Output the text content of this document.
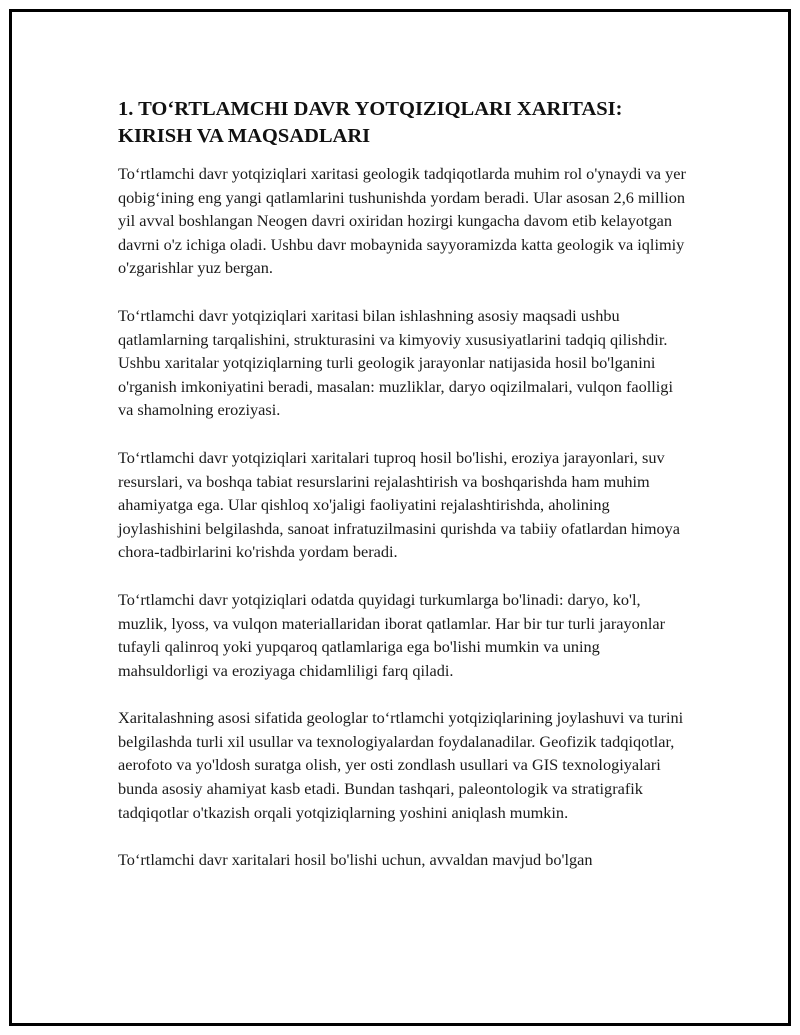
1. TO‘RTLAMCHI DAVR YOTQIZIQLARI XARITASI: KIRISH VA MAQSADLARI

To‘rtlamchi davr yotqiziqlari xaritasi geologik tadqiqotlarda muhim rol o'ynaydi va yer qobig‘ining eng yangi qatlamlarini tushunishda yordam beradi. Ular asosan 2,6 million yil avval boshlangan Neogen davri oxiridan hozirgi kungacha davom etib kelayotgan davrni o'z ichiga oladi. Ushbu davr mobaynida sayyoramizda katta geologik va iqlimiy o'zgarishlar yuz bergan.

To‘rtlamchi davr yotqiziqlari xaritasi bilan ishlashning asosiy maqsadi ushbu qatlamlarning tarqalishini, strukturasini va kimyoviy xususiyatlarini tadqiq qilishdir. Ushbu xaritalar yotqiziqlarning turli geologik jarayonlar natijasida hosil bo'lganini o'rganish imkoniyatini beradi, masalan: muzliklar, daryo oqizilmalari, vulqon faolligi va shamolning eroziyasi.

To‘rtlamchi davr yotqiziqlari xaritalari tuproq hosil bo'lishi, eroziya jarayonlari, suv resurslari, va boshqa tabiat resurslarini rejalashtirish va boshqarishda ham muhim ahamiyatga ega. Ular qishloq xo'jaligi faoliyatini rejalashtirishda, aholining joylashishini belgilashda, sanoat infratuzilmasini qurishda va tabiiy ofatlardan himoya chora-tadbirlarini ko'rishda yordam beradi.

To‘rtlamchi davr yotqiziqlari odatda quyidagi turkumlarga bo'linadi: daryo, ko'l, muzlik, lyoss, va vulqon materiallaridan iborat qatlamlar. Har bir tur turli jarayonlar tufayli qalinroq yoki yupqaroq qatlamlariga ega bo'lishi mumkin va uning mahsuldorligi va eroziyaga chidamliligi farq qiladi.

Xaritalashning asosi sifatida geologlar to‘rtlamchi yotqiziqlarining joylashuvi va turini belgilashda turli xil usullar va texnologiyalardan foydalanadilar. Geofizik tadqiqotlar, aerofoto va yo'ldosh suratga olish, yer osti zondlash usullari va GIS texnologiyalari bunda asosiy ahamiyat kasb etadi. Bundan tashqari, paleontologik va stratigrafik tadqiqotlar o'tkazish orqali yotqiziqlarning yoshini aniqlash mumkin.

To‘rtlamchi davr xaritalari hosil bo'lishi uchun, avvaldan mavjud bo'lgan
